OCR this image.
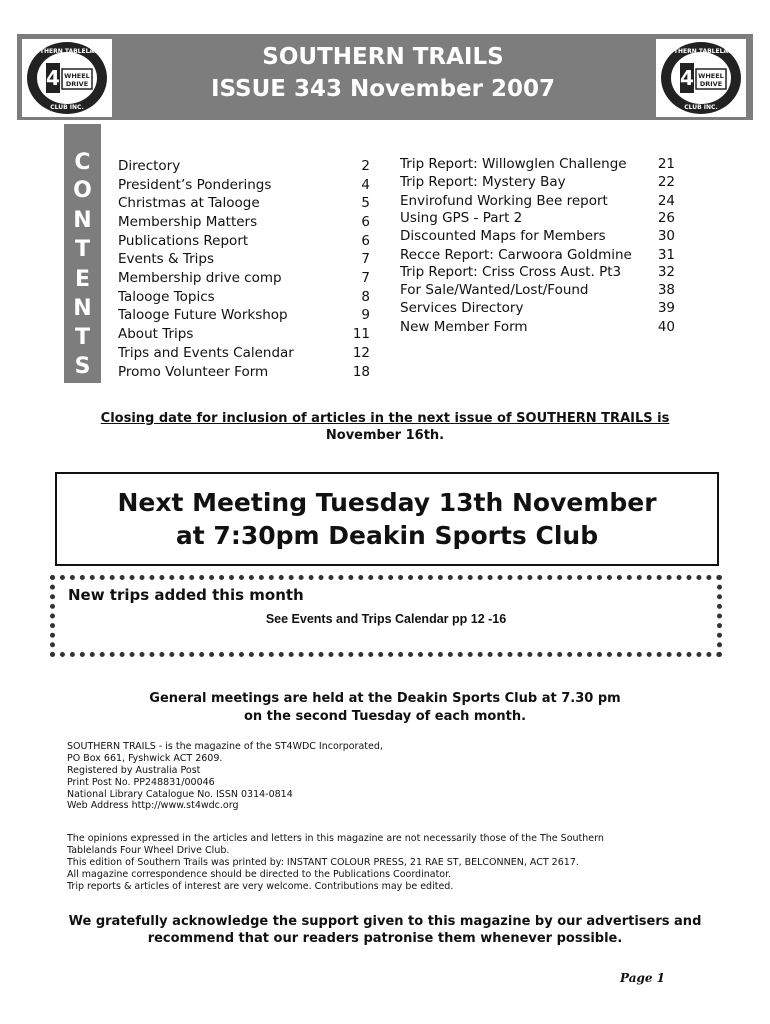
4 WHEEL
DRIVE
SOUTHERN TABLELANDS
CLUB INC.
4 WHEEL
DRIVE
SOUTHERN TABLELANDS
CLUB INC.
SOUTHERN TRAILS
ISSUE 343 November 2007
C
O
N
T
E
N
T
S
Directory	2
President’s Ponderings	4
Christmas at Talooge	5
Membership Matters	6
Publications Report	6
Events & Trips	7
Membership drive comp	7
Talooge Topics	8
Talooge Future Workshop	9
About Trips	11
Trips and Events Calendar	12
Promo Volunteer Form	18
Trip Report: Willowglen Challenge	21
Trip Report: Mystery Bay	22
Envirofund Working Bee report	24
Using GPS - Part 2	26
Discounted Maps for Members	30
Recce Report: Carwoora Goldmine	31
Trip Report: Criss Cross Aust. Pt3	32
For Sale/Wanted/Lost/Found	38
Services Directory	39
New Member Form	40
Closing date for inclusion of articles in the next issue of SOUTHERN TRAILS is
November 16th.
Next Meeting Tuesday 13th November
at 7:30pm Deakin Sports Club
New trips added this month
See Events and Trips Calendar pp 12 -16
General meetings are held at the Deakin Sports Club at 7.30 pm
on the second Tuesday of each month.
SOUTHERN TRAILS - is the magazine of the ST4WDC Incorporated,
PO Box 661, Fyshwick ACT 2609.
Registered by Australia Post
Print Post No. PP248831/00046
National Library Catalogue No. ISSN 0314-0814
Web Address http://www.st4wdc.org
The opinions expressed in the articles and letters in this magazine are not necessarily those of the The Southern
Tablelands Four Wheel Drive Club.
This edition of Southern Trails was printed by: INSTANT COLOUR PRESS, 21 RAE ST, BELCONNEN, ACT 2617.
All magazine correspondence should be directed to the Publications Coordinator.
Trip reports & articles of interest are very welcome. Contributions may be edited.
We gratefully acknowledge the support given to this magazine by our advertisers and
recommend that our readers patronise them whenever possible.
Page 1
